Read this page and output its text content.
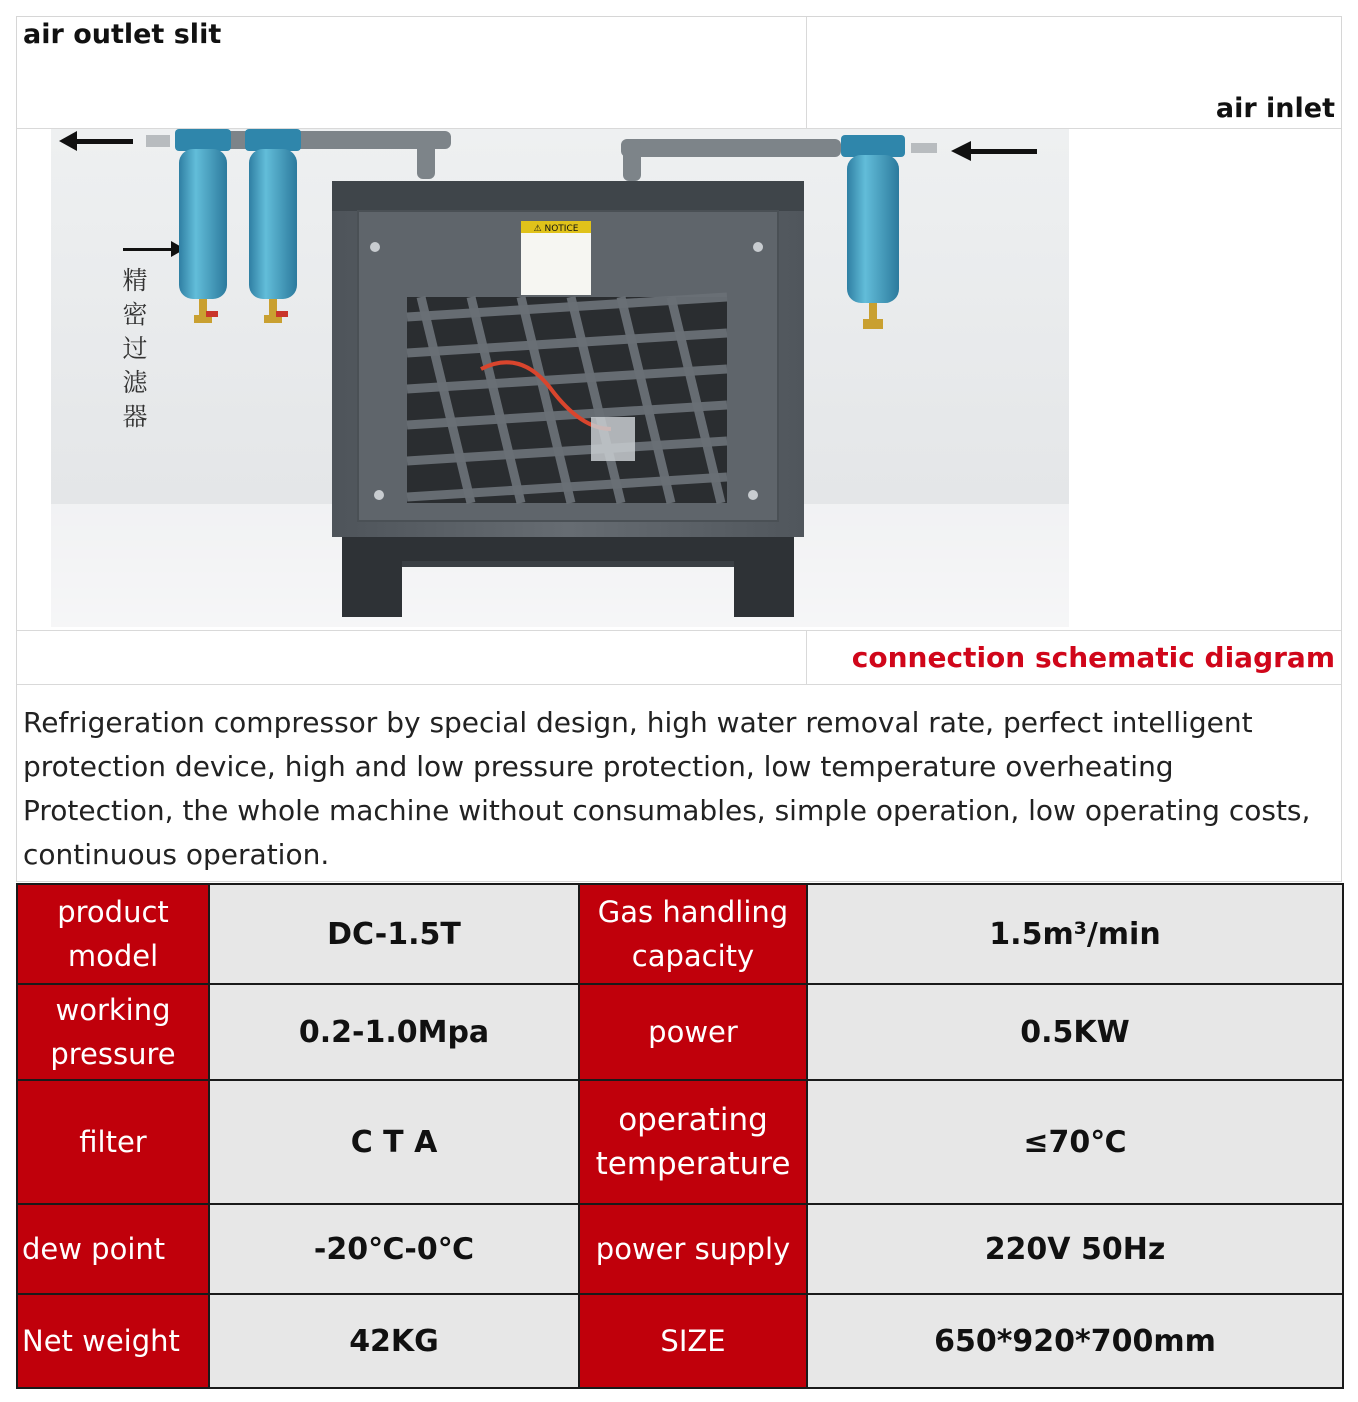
air outlet slit
air inlet
精
密
过
滤
器
⚠ NOTICE
connection schematic diagram
Refrigeration compressor by special design, high water removal rate, perfect intelligent protection device, high and low pressure protection, low temperature overheating Protection, the whole machine without consumables, simple operation, low operating costs, continuous operation.
product model	DC-1.5T	Gas handling capacity	1.5m³/min
working pressure	0.2-1.0Mpa	power	0.5KW
filter	C T A	operating temperature	≤70℃
dew point	-20℃-0℃	power supply	220V 50Hz
Net weight	42KG	SIZE	650*920*700mm
